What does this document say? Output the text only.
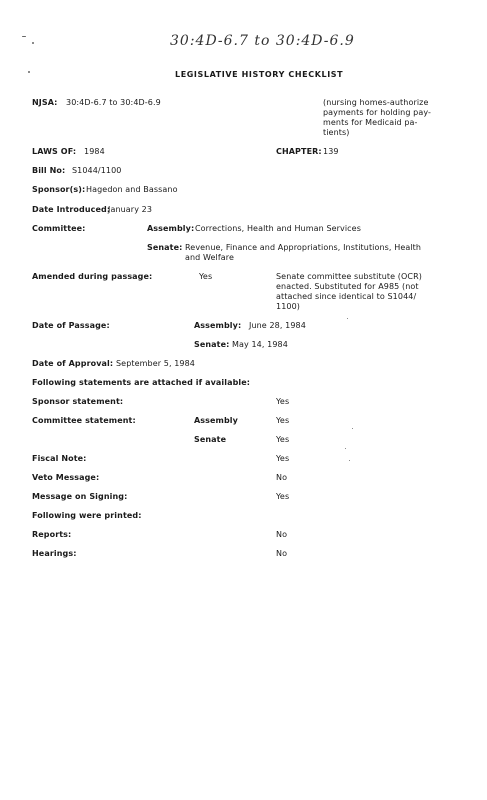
30:4D-6.7 to 30:4D-6.9
LEGISLATIVE HISTORY CHECKLIST
NJSA: 30:4D-6.7 to 30:4D-6.9	(nursing homes-authorize
payments for holding pay-
ments for Medicaid pa-
tients)
LAWS OF: 1984	CHAPTER: 139
Bill No: S1044/1100
Sponsor(s): Hagedon and Bassano
Date Introduced:
January 23
Committee:	Assembly: Corrections, Health and Human Services
Senate: Revenue, Finance and Appropriations, Institutions, Health
and Welfare
Amended during passage:	Yes	Senate committee substitute (OCR)
enacted. Substituted for A985 (not
attached since identical to S1044/
1100)
Date of Passage:	Assembly: June 28, 1984
Senate: May 14, 1984
Date of Approval: September 5, 1984
Following statements are attached if available:
Sponsor statement:	Yes
Committee statement:	Assembly	Yes
Senate	Yes
Fiscal Note:	Yes
Veto Message:	No
Message on Signing:	Yes
Following were printed:
Reports:	No
Hearings:	No
